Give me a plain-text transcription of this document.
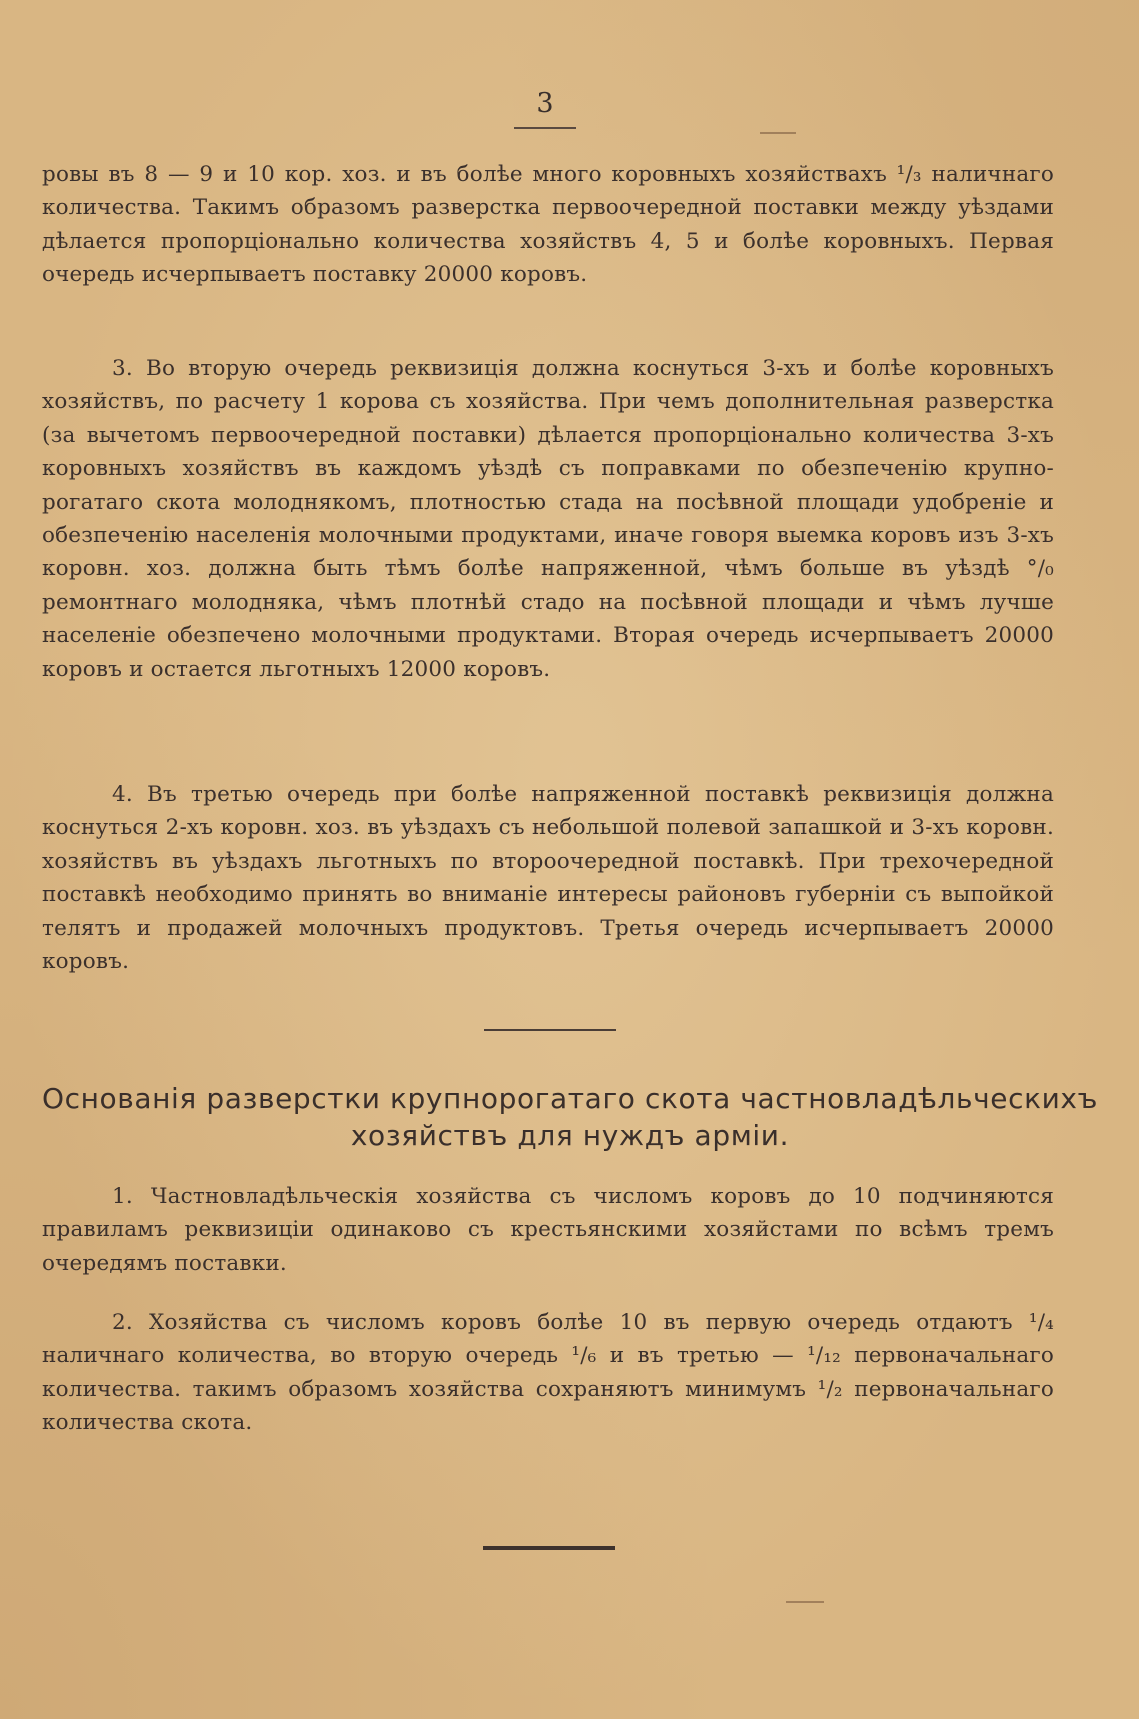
3
ровы въ 8 — 9 и 10 кор. хоз. и въ болѣе много коровныхъ хозяйствахъ ¹/₃ наличнаго количества. Такимъ образомъ разверстка первоочередной поставки между уѣздами дѣлается пропорціонально количества хозяйствъ 4, 5 и болѣе коровныхъ. Первая очередь исчерпываетъ поставку 20000 коровъ.
3. Во вторую очередь реквизиція должна коснуться 3-хъ и болѣе коровныхъ хозяйствъ, по расчету 1 корова съ хозяйства. При чемъ дополнительная разверстка (за вычетомъ первоочередной поставки) дѣлается пропорціонально количества 3-хъ коровныхъ хозяйствъ въ каждомъ уѣздѣ съ поправками по обезпеченію крупно-рогатаго скота молоднякомъ, плотностью стада на посѣвной площади удобреніе и обезпеченію населенія молочными продуктами, иначе говоря выемка коровъ изъ 3-хъ коровн. хоз. должна быть тѣмъ болѣе напряженной, чѣмъ больше въ уѣздѣ °/₀ ремонтнаго молодняка, чѣмъ плотнѣй стадо на посѣвной площади и чѣмъ лучше населеніе обезпечено молочными продуктами. Вторая очередь исчерпываетъ 20000 коровъ и остается льготныхъ 12000 коровъ.
4. Въ третью очередь при болѣе напряженной поставкѣ реквизиція должна коснуться 2-хъ коровн. хоз. въ уѣздахъ съ небольшой полевой запашкой и 3-хъ коровн. хозяйствъ въ уѣздахъ льготныхъ по второочередной поставкѣ. При трехочередной поставкѣ необходимо принять во вниманіе интересы районовъ губерніи съ выпойкой телятъ и продажей молочныхъ продуктовъ. Третья очередь исчерпываетъ 20000 коровъ.
Основанія разверстки крупнорогатаго скота частновладѣльческихъ хозяйствъ для нуждъ арміи.
1. Частновладѣльческія хозяйства съ числомъ коровъ до 10 подчиняются правиламъ реквизиціи одинаково съ крестьянскими хозяйстами по всѣмъ тремъ очередямъ поставки.
2. Хозяйства съ числомъ коровъ болѣе 10 въ первую очередь отдаютъ ¹/₄ наличнаго количества, во вторую очередь ¹/₆ и въ третью — ¹/₁₂ первоначальнаго количества. такимъ образомъ хозяйства сохраняютъ минимумъ ¹/₂ первоначальнаго количества скота.
